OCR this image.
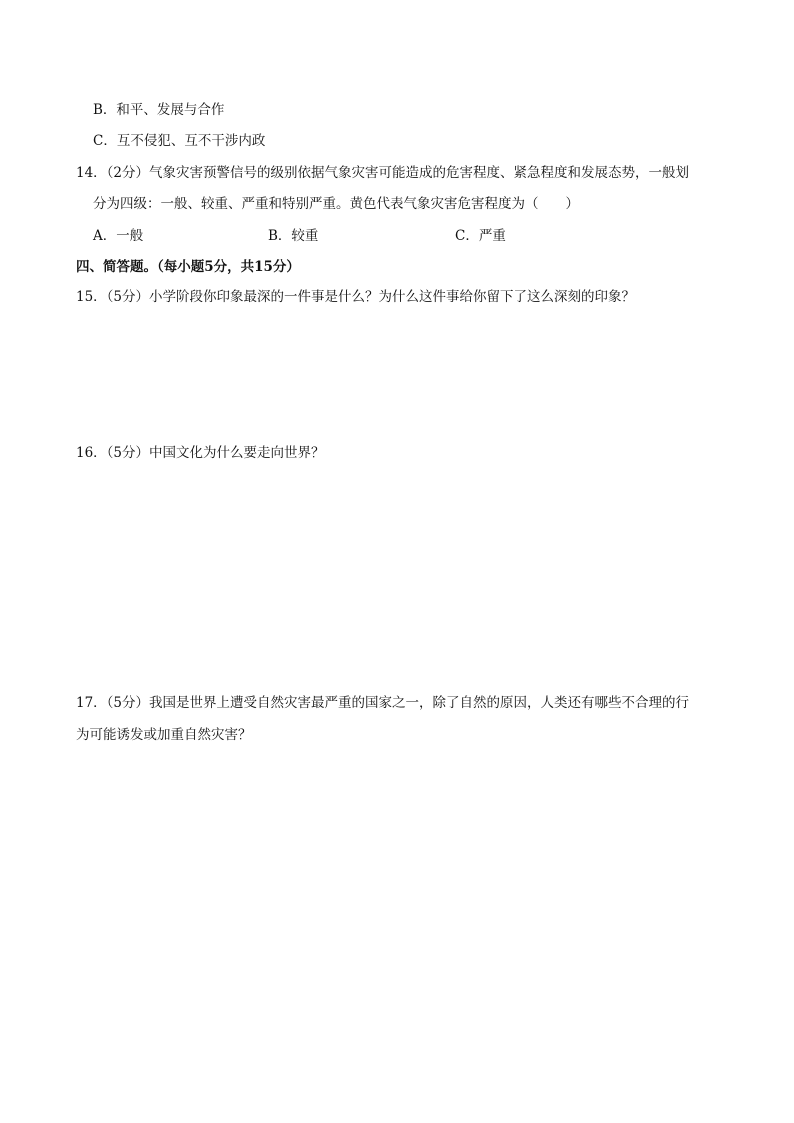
B．和平、发展与合作
C．互不侵犯、互不干涉内政
14．（2分）气象灾害预警信号的级别依据气象灾害可能造成的危害程度、紧急程度和发展态势，一般划
分为四级：一般、较重、严重和特别严重。黄色代表气象灾害危害程度为（　　）
A．一般	B．较重	C．严重
四、简答题。（每小题5分，共15分）
15．（5分）小学阶段你印象最深的一件事是什么？为什么这件事给你留下了这么深刻的印象？
16．（5分）中国文化为什么要走向世界？
17．（5分）我国是世界上遭受自然灾害最严重的国家之一，除了自然的原因，人类还有哪些不合理的行
为可能诱发或加重自然灾害？
